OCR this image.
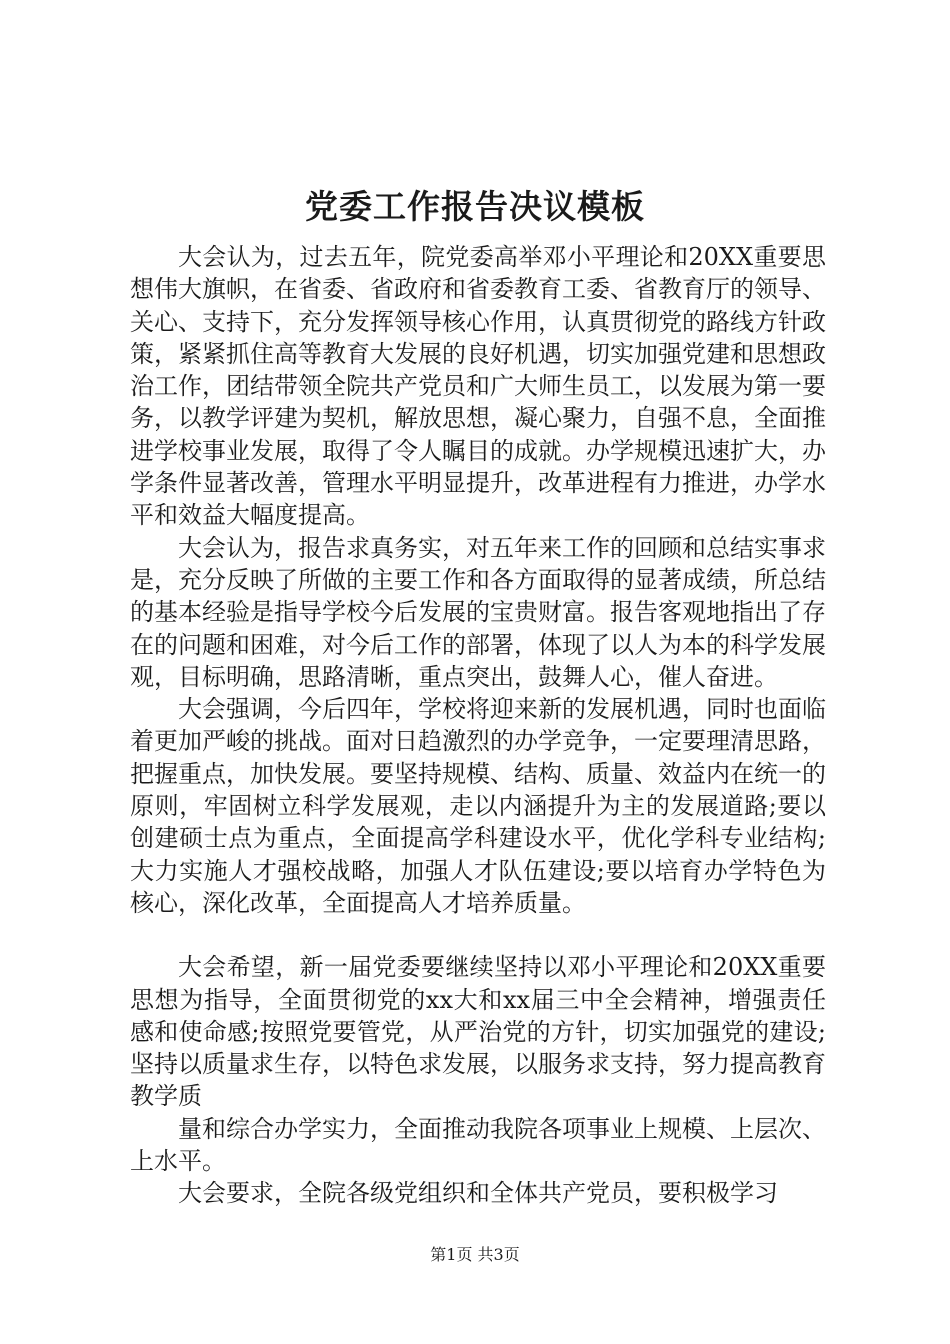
党委工作报告决议模板

大会认为，过去五年，院党委高举邓小平理论和20XX重要思想伟大旗帜，在省委、省政府和省委教育工委、省教育厅的领导、关心、支持下，充分发挥领导核心作用，认真贯彻党的路线方针政策，紧紧抓住高等教育大发展的良好机遇，切实加强党建和思想政治工作，团结带领全院共产党员和广大师生员工，以发展为第一要务，以教学评建为契机，解放思想，凝心聚力，自强不息，全面推进学校事业发展，取得了令人瞩目的成就。办学规模迅速扩大，办学条件显著改善，管理水平明显提升，改革进程有力推进，办学水平和效益大幅度提高。

大会认为，报告求真务实，对五年来工作的回顾和总结实事求是，充分反映了所做的主要工作和各方面取得的显著成绩，所总结的基本经验是指导学校今后发展的宝贵财富。报告客观地指出了存在的问题和困难，对今后工作的部署，体现了以人为本的科学发展观，目标明确，思路清晰，重点突出，鼓舞人心，催人奋进。

大会强调，今后四年，学校将迎来新的发展机遇，同时也面临着更加严峻的挑战。面对日趋激烈的办学竞争，一定要理清思路，把握重点，加快发展。要坚持规模、结构、质量、效益内在统一的原则，牢固树立科学发展观，走以内涵提升为主的发展道路;要以创建硕士点为重点，全面提高学科建设水平，优化学科专业结构;大力实施人才强校战略，加强人才队伍建设;要以培育办学特色为核心，深化改革，全面提高人才培养质量。

大会希望，新一届党委要继续坚持以邓小平理论和20XX重要思想为指导，全面贯彻党的xx大和xx届三中全会精神，增强责任感和使命感;按照党要管党，从严治党的方针，切实加强党的建设;坚持以质量求生存，以特色求发展，以服务求支持，努力提高教育教学质

量和综合办学实力，全面推动我院各项事业上规模、上层次、上水平。

大会要求，全院各级党组织和全体共产党员，要积极学习

第1页 共3页
